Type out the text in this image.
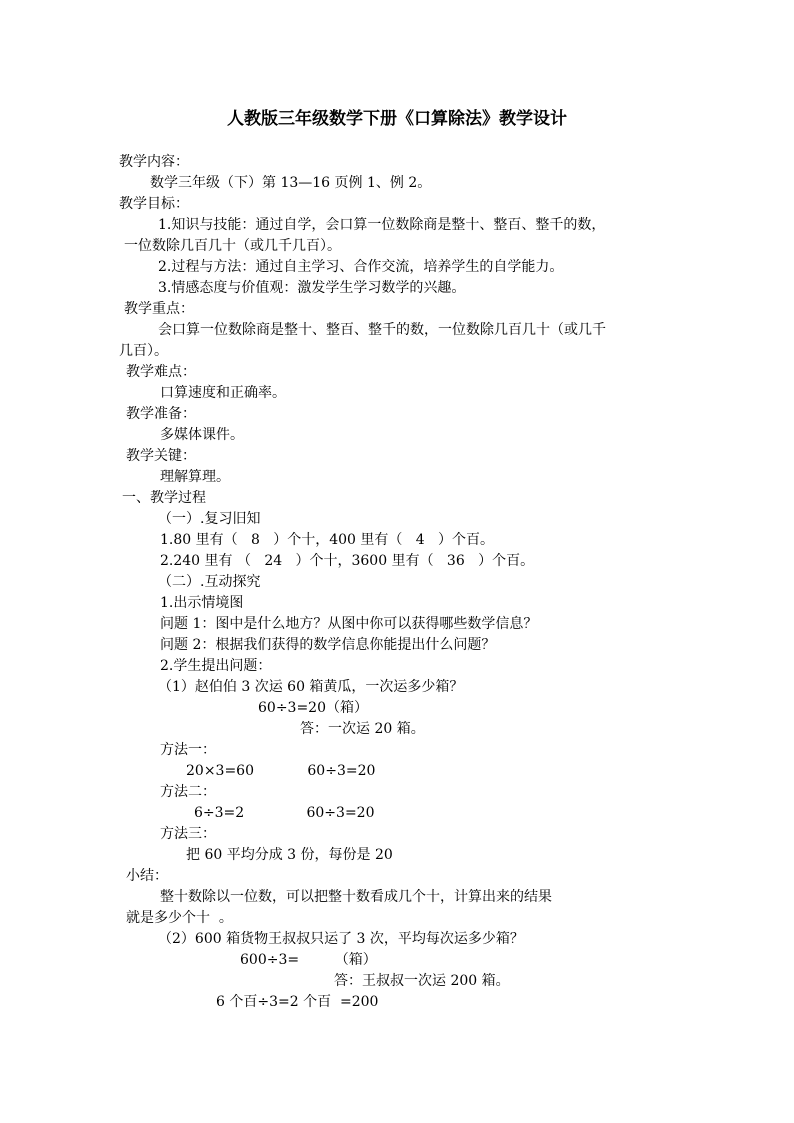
人教版三年级数学下册《口算除法》教学设计
教学内容：
数学三年级（下）第 13—16 页例 1、例 2。
教学目标：
1.知识与技能：通过自学，会口算一位数除商是整十、整百、整千的数，
一位数除几百几十（或几千几百）。
2.过程与方法：通过自主学习、合作交流，培养学生的自学能力。
3.情感态度与价值观：激发学生学习数学的兴趣。
教学重点：
会口算一位数除商是整十、整百、整千的数，一位数除几百几十（或几千
几百）。
教学难点：
口算速度和正确率。
教学准备：
多媒体课件。
教学关键：
理解算理。
一、教学过程
（一）.复习旧知
1.80 里有（   8   ）个十，400 里有（   4   ）个百。
2.240 里有 （   24   ）个十，3600 里有（   36   ）个百。
（二）.互动探究
1.出示情境图
问题 1：图中是什么地方？从图中你可以获得哪些数学信息？
问题 2：根据我们获得的数学信息你能提出什么问题？
2.学生提出问题：
（1）赵伯伯 3 次运 60 箱黄瓜，一次运多少箱？
60÷3=20（箱）
答：一次运 20 箱。
方法一：
20×3=60            60÷3=20
方法二：
6÷3=2              60÷3=20
方法三：
把 60 平均分成 3 份，每份是 20
小结：
整十数除以一位数，可以把整十数看成几个十，计算出来的结果
就是多少个十  。
（2）600 箱货物王叔叔只运了 3 次，平均每次运多少箱？
600÷3=        （箱）
答：王叔叔一次运 200 箱。
6 个百÷3=2 个百  =200
